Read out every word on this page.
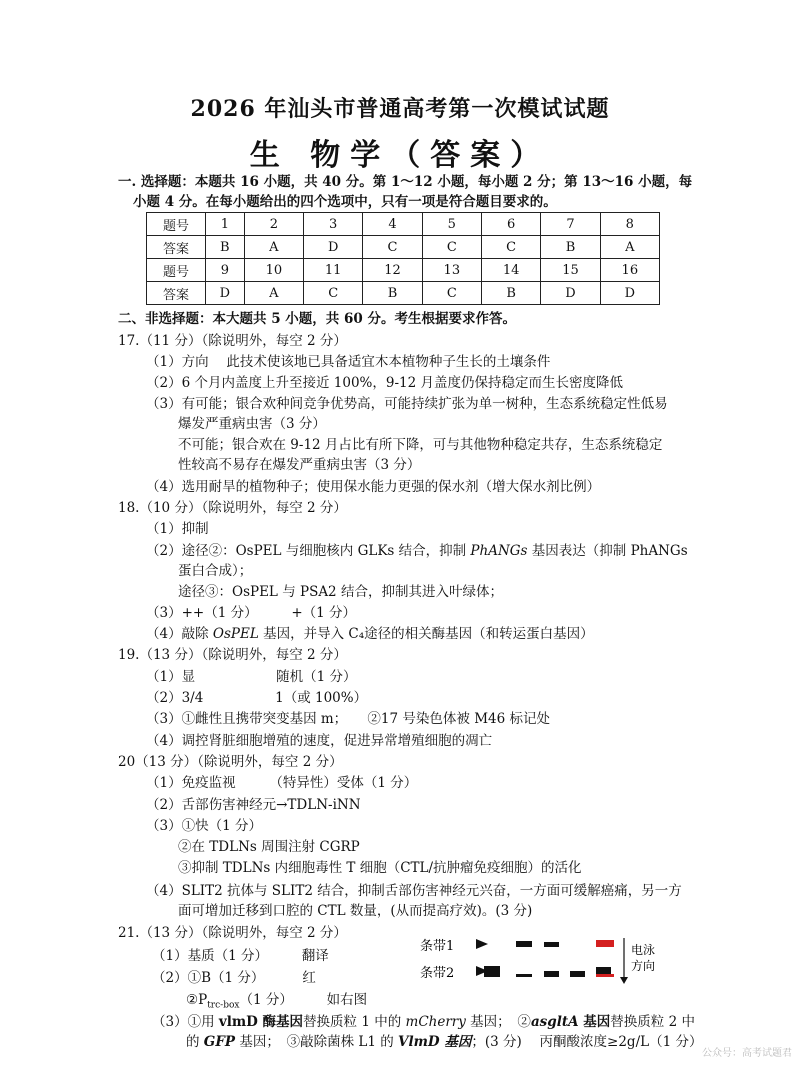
2026 年汕头市普通高考第一次模试试题
生 物学（答案）
一. 选择题：本题共 16 小题，共 40 分。第 1～12 小题，每小题 2 分；第 13～16 小题，每
小题 4 分。在每小题给出的四个选项中，只有一项是符合题目要求的。
题号	1	2	3	4	5	6	7	8
答案	B	A	D	C	C	C	B	A
题号	9	10	11	12	13	14	15	16
答案	D	A	C	B	C	B	D	D
二、非选择题：本大题共 5 小题，共 60 分。考生根据要求作答。
17.（11 分）（除说明外，每空 2 分）
（1）方向　 此技术使该地已具备适宜木本植物种子生长的土壤条件
（2）6 个月内盖度上升至接近 100%，9-12 月盖度仍保持稳定而生长密度降低
（3）有可能；银合欢种间竞争优势高，可能持续扩张为单一树种，生态系统稳定性低易
爆发严重病虫害（3 分）
不可能；银合欢在 9-12 月占比有所下降，可与其他物种稳定共存，生态系统稳定
性较高不易存在爆发严重病虫害（3 分）
（4）选用耐旱的植物种子；使用保水能力更强的保水剂（增大保水剂比例）
18.（10 分）（除说明外，每空 2 分）
（1）抑制
（2）途径②：OsPEL 与细胞核内 GLKs 结合，抑制 PhANGs 基因表达（抑制 PhANGs
蛋白合成）；
途径③：OsPEL 与 PSA2 结合，抑制其进入叶绿体；
（3）++（1 分）　　　+（1 分）
（4）敲除 OsPEL 基因，并导入 C₄途径的相关酶基因（和转运蛋白基因）
19.（13 分）（除说明外，每空 2 分）
（1）显　　　　　　随机（1 分）
（2）3/4　　　　　 1（或 100%）
（3）①雌性且携带突变基因 m；　　②17 号染色体被 M46 标记处
（4）调控肾脏细胞增殖的速度，促进异常增殖细胞的凋亡
20（13 分）（除说明外，每空 2 分）
（1）免疫监视　　　（特异性）受体（1 分）
（2）舌部伤害神经元→TDLN-iNN
（3）①快（1 分）
②在 TDLNs 周围注射 CGRP
③抑制 TDLNs 内细胞毒性 T 细胞（CTL/抗肿瘤免疫细胞）的活化
（4）SLIT2 抗体与 SLIT2 结合，抑制舌部伤害神经元兴奋，一方面可缓解癌痛，另一方
面可增加迁移到口腔的 CTL 数量，(从而提高疗效)。(3 分)
21.（13 分）（除说明外，每空 2 分）
（1）基质（1 分）　　　翻译
（2）①B（1 分）　　　 红
$②P_{trc-box}(1$ 分）　　　如右图
（3）①用 vlmD 酶基因替换质粒 1 中的 mCherry 基因；　②asgltA 基因替换质粒 2 中
的 GFP 基因；　③敲除菌株 L1 的 VlmD 基因；(3 分)　 丙酮酸浓度≥2g/L（1 分）
条带1
条带2
电泳
方向
公众号：高考试题君
